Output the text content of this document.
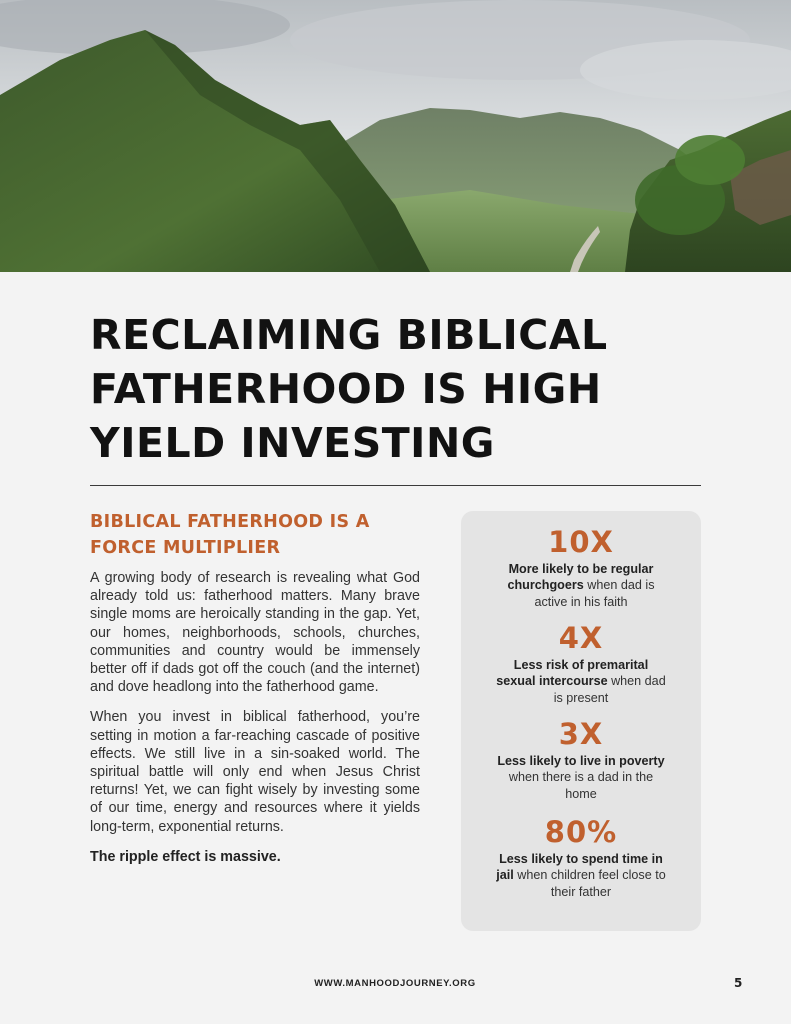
RECLAIMING BIBLICAL
FATHERHOOD IS HIGH
YIELD INVESTING
BIBLICAL FATHERHOOD IS A
FORCE MULTIPLIER

A growing body of research is revealing what God already told us: fatherhood matters. Many brave single moms are heroically standing in the gap. Yet, our homes, neighborhoods, schools, churches, communities and country would be immensely better off if dads got off the couch (and the internet) and dove headlong into the fatherhood game.

When you invest in biblical fatherhood, you’re setting in motion a far-reaching cascade of positive effects. We still live in a sin-soaked world. The spiritual battle will only end when Jesus Christ returns! Yet, we can fight wisely by investing some of our time, energy and resources where it yields long-term, exponential returns.

The ripple effect is massive.

10X
More likely to be regular churchgoers when dad is active in his faith
4X
Less risk of premarital sexual intercourse when dad is present
3X
Less likely to live in poverty when there is a dad in the home
80%
Less likely to spend time in jail when children feel close to their father
WWW.MANHOODJOURNEY.ORG	5
